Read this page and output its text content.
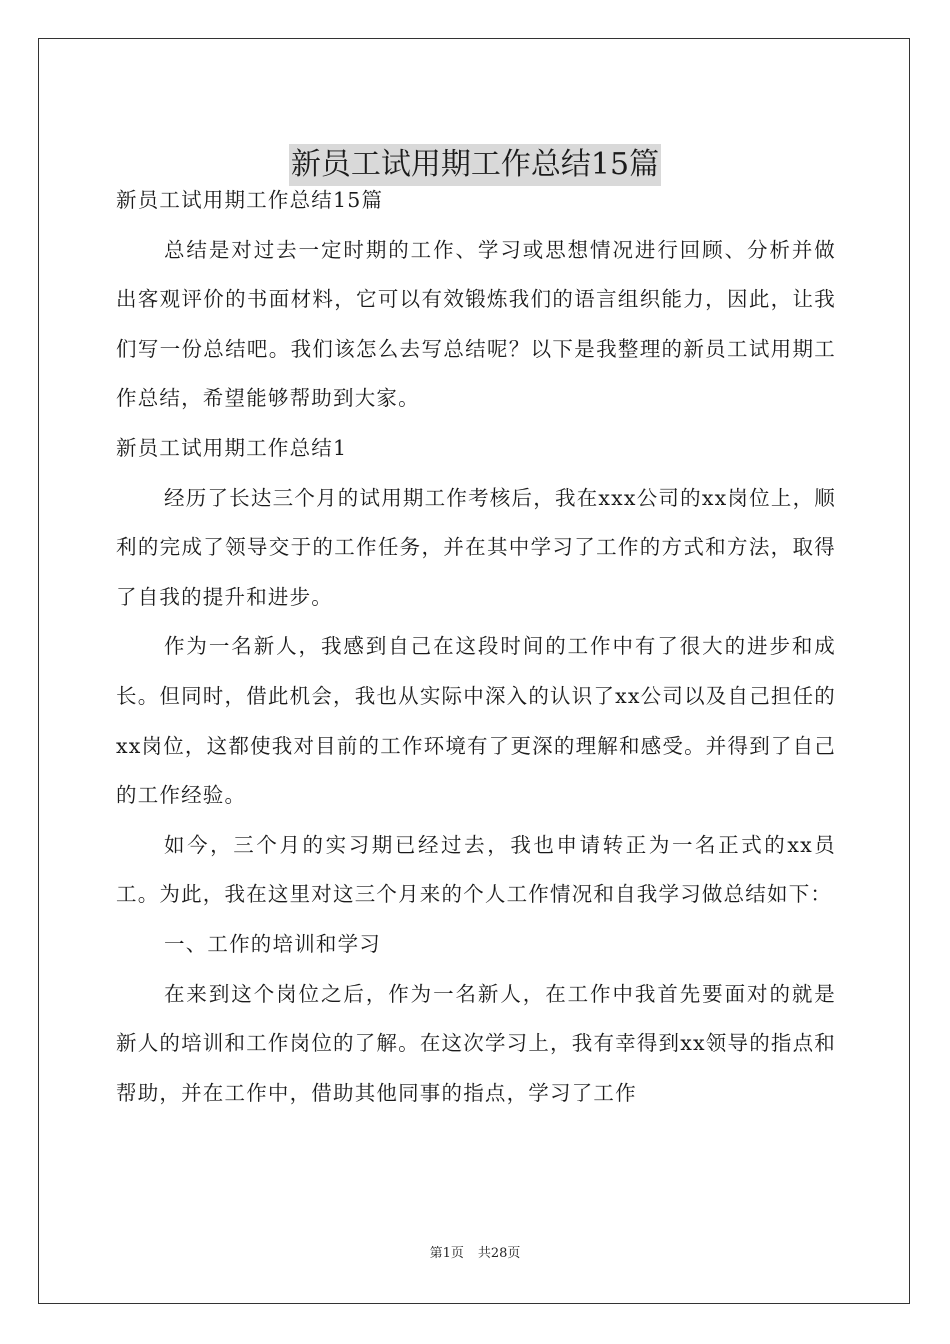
新员工试用期工作总结15篇

新员工试用期工作总结15篇

总结是对过去一定时期的工作、学习或思想情况进行回顾、分析并做出客观评价的书面材料，它可以有效锻炼我们的语言组织能力，因此，让我们写一份总结吧。我们该怎么去写总结呢？以下是我整理的新员工试用期工作总结，希望能够帮助到大家。

新员工试用期工作总结1

经历了长达三个月的试用期工作考核后，我在xxx公司的xx岗位上，顺利的完成了领导交于的工作任务，并在其中学习了工作的方式和方法，取得了自我的提升和进步。

作为一名新人，我感到自己在这段时间的工作中有了很大的进步和成长。但同时，借此机会，我也从实际中深入的认识了xx公司以及自己担任的xx岗位，这都使我对目前的工作环境有了更深的理解和感受。并得到了自己的工作经验。

如今，三个月的实习期已经过去，我也申请转正为一名正式的xx员工。为此，我在这里对这三个月来的个人工作情况和自我学习做总结如下：

一、工作的培训和学习

在来到这个岗位之后，作为一名新人，在工作中我首先要面对的就是新人的培训和工作岗位的了解。在这次学习上，我有幸得到xx领导的指点和帮助，并在工作中，借助其他同事的指点，学习了工作

第1页 共28页
